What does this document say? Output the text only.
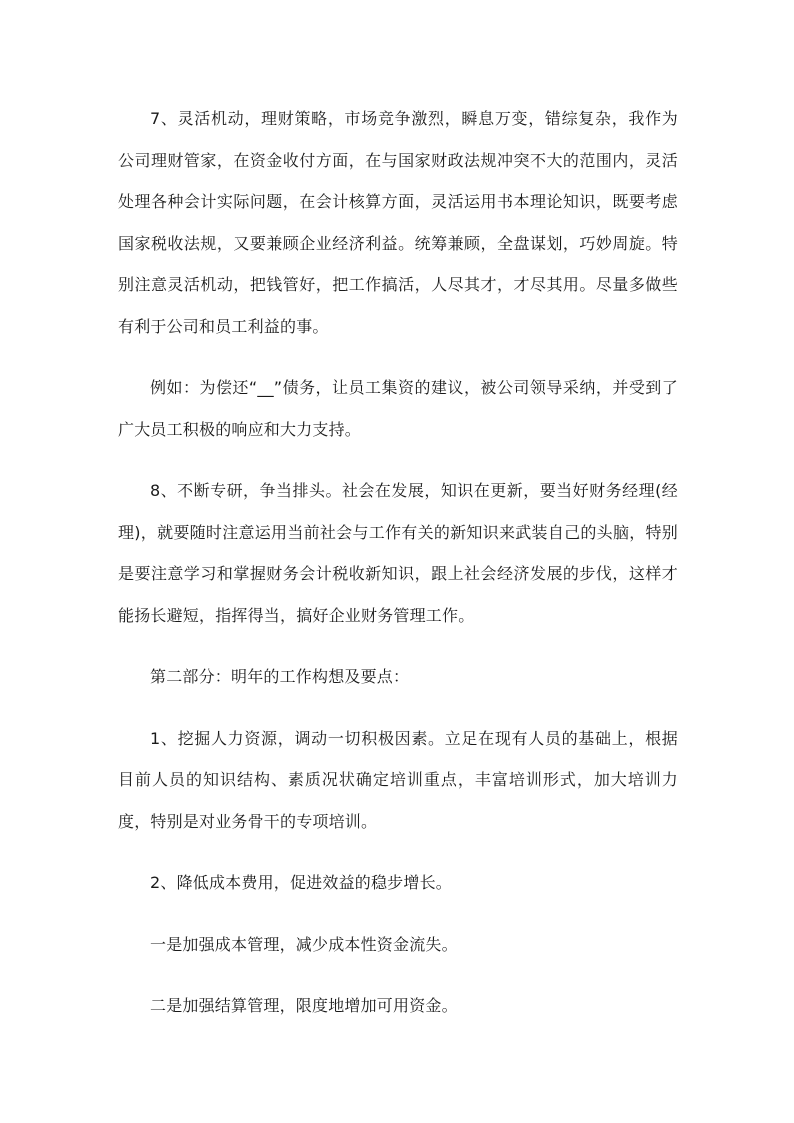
7、灵活机动，理财策略，市场竞争激烈，瞬息万变，错综复杂，我作为公司理财管家，在资金收付方面，在与国家财政法规冲突不大的范围内，灵活处理各种会计实际问题，在会计核算方面，灵活运用书本理论知识，既要考虑国家税收法规，又要兼顾企业经济利益。统筹兼顾，全盘谋划，巧妙周旋。特别注意灵活机动，把钱管好，把工作搞活，人尽其才，才尽其用。尽量多做些有利于公司和员工利益的事。

例如：为偿还“__”债务，让员工集资的建议，被公司领导采纳，并受到了广大员工积极的响应和大力支持。

8、不断专研，争当排头。社会在发展，知识在更新，要当好财务经理(经理)，就要随时注意运用当前社会与工作有关的新知识来武装自己的头脑，特别是要注意学习和掌握财务会计税收新知识，跟上社会经济发展的步伐，这样才能扬长避短，指挥得当，搞好企业财务管理工作。

第二部分：明年的工作构想及要点：

1、挖掘人力资源，调动一切积极因素。立足在现有人员的基础上，根据目前人员的知识结构、素质况状确定培训重点，丰富培训形式，加大培训力度，特别是对业务骨干的专项培训。

2、降低成本费用，促进效益的稳步增长。

一是加强成本管理，减少成本性资金流失。

二是加强结算管理，限度地增加可用资金。
